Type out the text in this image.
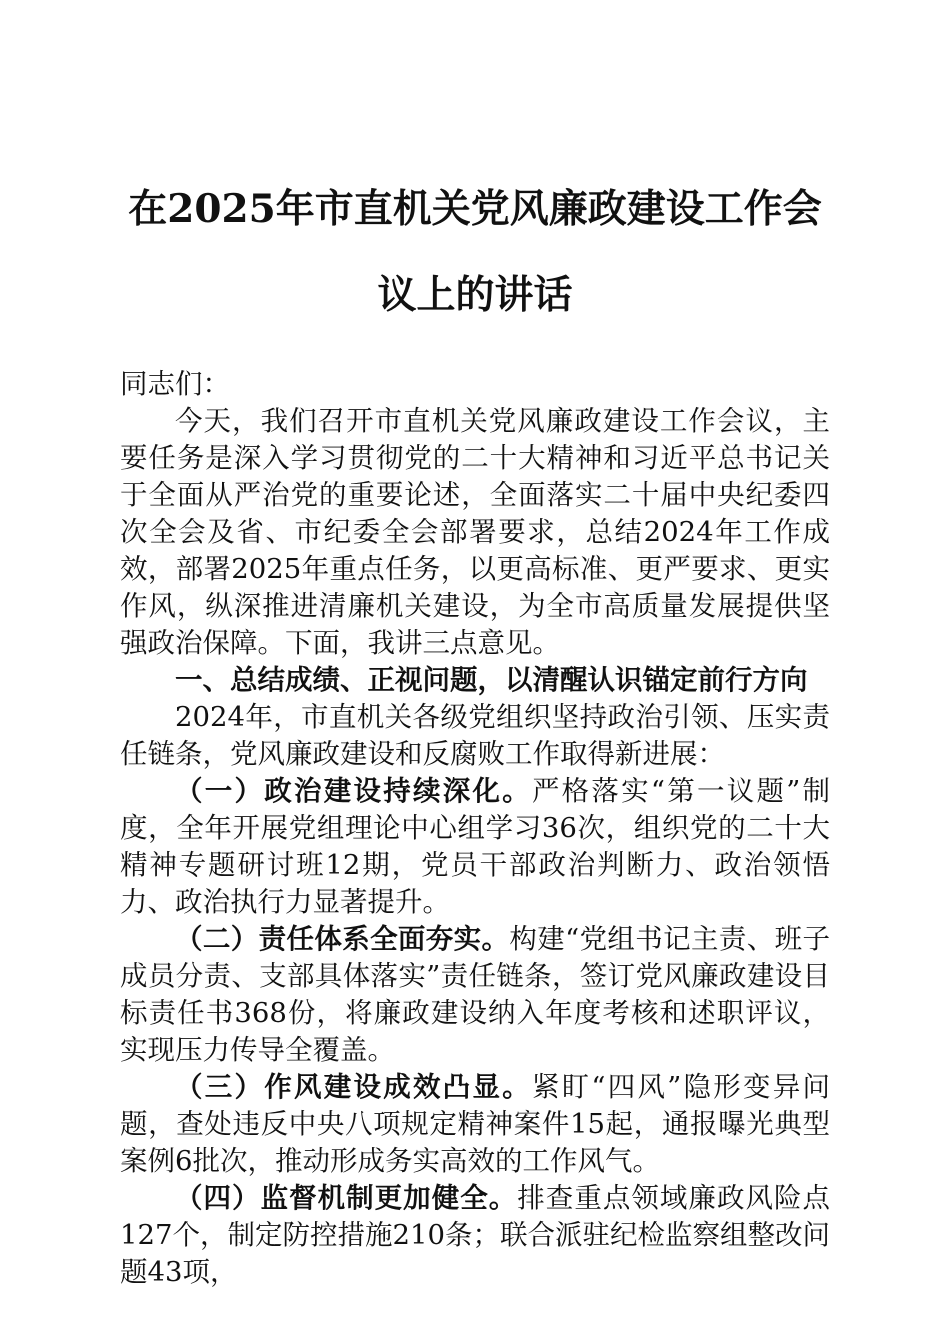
在2025年市直机关党风廉政建设工作会议上的讲话

同志们：

今天，我们召开市直机关党风廉政建设工作会议，主要任务是深入学习贯彻党的二十大精神和习近平总书记关于全面从严治党的重要论述，全面落实二十届中央纪委四次全会及省、市纪委全会部署要求，总结2024年工作成效，部署2025年重点任务，以更高标准、更严要求、更实作风，纵深推进清廉机关建设，为全市高质量发展提供坚强政治保障。下面，我讲三点意见。

一、总结成绩、正视问题，以清醒认识锚定前行方向

2024年，市直机关各级党组织坚持政治引领、压实责任链条，党风廉政建设和反腐败工作取得新进展：

（一）政治建设持续深化。严格落实“第一议题”制度，全年开展党组理论中心组学习36次，组织党的二十大精神专题研讨班12期，党员干部政治判断力、政治领悟力、政治执行力显著提升。

（二）责任体系全面夯实。构建“党组书记主责、班子成员分责、支部具体落实”责任链条，签订党风廉政建设目标责任书368份，将廉政建设纳入年度考核和述职评议，实现压力传导全覆盖。

（三）作风建设成效凸显。紧盯“四风”隐形变异问题，查处违反中央八项规定精神案件15起，通报曝光典型案例6批次，推动形成务实高效的工作风气。

（四）监督机制更加健全。排查重点领域廉政风险点127个，制定防控措施210条；联合派驻纪检监察组整改问题43项，
